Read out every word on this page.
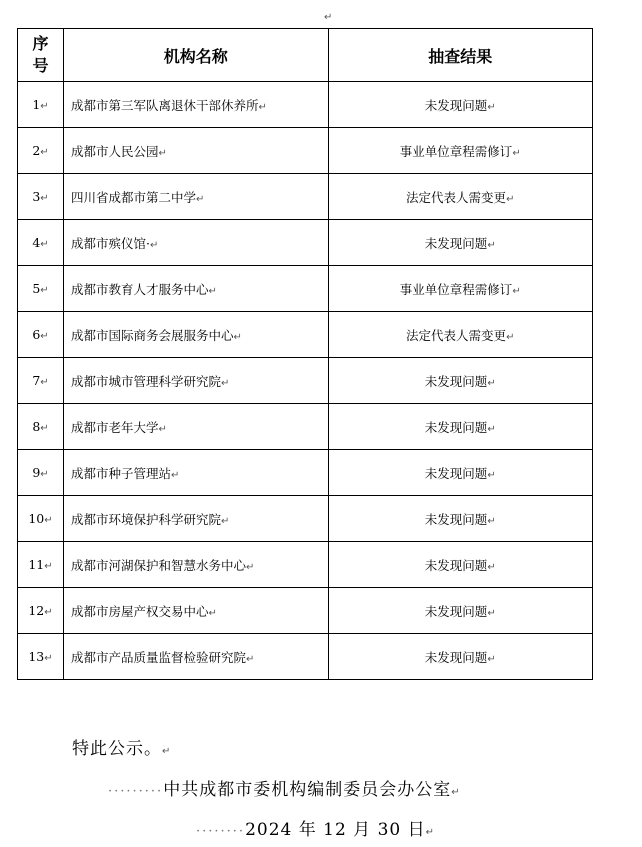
↵
序
号	机构名称	抽查结果
1↵	成都市第三军队离退休干部休养所↵	未发现问题↵
2↵	成都市人民公园↵	事业单位章程需修订↵
3↵	四川省成都市第二中学↵	法定代表人需变更↵
4↵	成都市殡仪馆·↵	未发现问题↵
5↵	成都市教育人才服务中心↵	事业单位章程需修订↵
6↵	成都市国际商务会展服务中心↵	法定代表人需变更↵
7↵	成都市城市管理科学研究院↵	未发现问题↵
8↵	成都市老年大学↵	未发现问题↵
9↵	成都市种子管理站↵	未发现问题↵
10↵	成都市环境保护科学研究院↵	未发现问题↵
11↵	成都市河湖保护和智慧水务中心↵	未发现问题↵
12↵	成都市房屋产权交易中心↵	未发现问题↵
13↵	成都市产品质量监督检验研究院↵	未发现问题↵
特此公示。↵
·········中共成都市委机构编制委员会办公室↵
········2024 年 12 月 30 日↵
